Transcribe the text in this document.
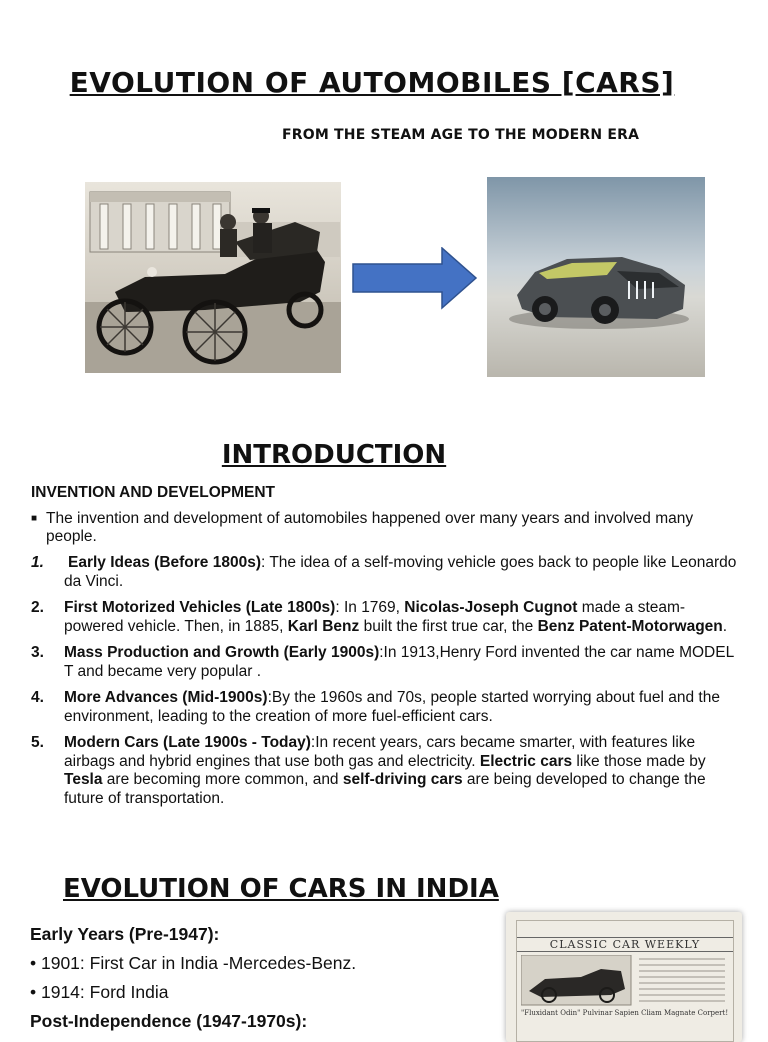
EVOLUTION OF AUTOMOBILES [CARS]
FROM THE STEAM AGE TO THE MODERN ERA
INTRODUCTION
INVENTION AND DEVELOPMENT
■ The invention and development of automobiles happened over many years and involved many people.
1. Early Ideas (Before 1800s): The idea of a self-moving vehicle goes back to people like Leonardo da Vinci.
2. First Motorized Vehicles (Late 1800s): In 1769, Nicolas-Joseph Cugnot made a steam-powered vehicle. Then, in 1885, Karl Benz built the first true car, the Benz Patent-Motorwagen.
3. Mass Production and Growth (Early 1900s):In 1913,Henry Ford invented the car name MODEL T and became very popular .
4. More Advances (Mid-1900s):By the 1960s and 70s, people started worrying about fuel and the environment, leading to the creation of more fuel-efficient cars.
5. Modern Cars (Late 1900s - Today):In recent years, cars became smarter, with features like airbags and hybrid engines that use both gas and electricity. Electric cars like those made by Tesla are becoming more common, and self-driving cars are being developed to change the future of transportation.
EVOLUTION OF CARS IN INDIA
Early Years (Pre-1947):
• 1901: First Car in India -Mercedes-Benz.
• 1914: Ford India
Post-Independence (1947-1970s):
CLASSIC CAR WEEKLY
"Fluxidant Odin" Pulvinar Sapien Cliam Magnate Corpert!
